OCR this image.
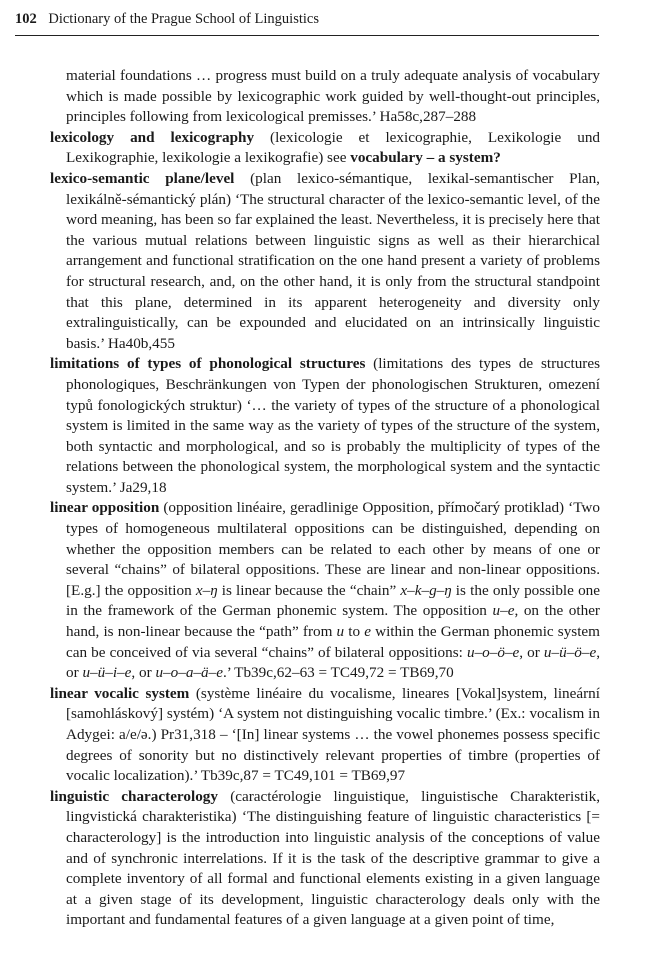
102 Dictionary of the Prague School of Linguistics

material foundations … progress must build on a truly adequate analysis of vocabulary which is made possible by lexicographic work guided by well-thought-out principles, principles following from lexicological premisses.’ Ha58c,287–288

lexicology and lexicography (lexicologie et lexicographie, Lexikologie und Lexikographie, lexikologie a lexikografie) see vocabulary – a system?

lexico-semantic plane/level (plan lexico-sémantique, lexikal-semantischer Plan, lexikálně-sémantický plán) ‘The structural character of the lexico-semantic level, of the word meaning, has been so far explained the least. Nevertheless, it is precisely here that the various mutual relations between linguistic signs as well as their hierarchical arrangement and functional stratification on the one hand present a variety of problems for structural research, and, on the other hand, it is only from the structural standpoint that this plane, determined in its apparent heterogeneity and diversity only extralinguistically, can be expounded and elucidated on an intrinsically linguistic basis.’ Ha40b,455

limitations of types of phonological structures (limitations des types de structures phonologiques, Beschränkungen von Typen der phonologischen Strukturen, omezení typů fonologických struktur) ‘… the variety of types of the structure of a phonological system is limited in the same way as the variety of types of the structure of the system, both syntactic and morphological, and so is probably the multiplicity of types of the relations between the phonological system, the morphological system and the syntactic system.’ Ja29,18

linear opposition (opposition linéaire, geradlinige Opposition, přímočarý protiklad) ‘Two types of homogeneous multilateral oppositions can be distinguished, depending on whether the opposition members can be related to each other by means of one or several “chains” of bilateral oppositions. These are linear and non-linear oppositions. [E.g.] the opposition x–ŋ is linear because the “chain” x–k–g–ŋ is the only possible one in the framework of the German phonemic system. The opposition u–e, on the other hand, is non-linear because the “path” from u to e within the German phonemic system can be conceived of via several “chains” of bilateral oppositions: u–o–ö–e, or u–ü–ö–e, or u–ü–i–e, or u–o–a–ä–e.’ Tb39c,62–63 = TC49,72 = TB69,70

linear vocalic system (système linéaire du vocalisme, lineares [Vokal]system, lineární [samohláskový] systém) ‘A system not distinguishing vocalic timbre.’ (Ex.: vocalism in Adygei: a/e/ə.) Pr31,318 – ‘[In] linear systems … the vowel phonemes possess specific degrees of sonority but no distinctively relevant properties of timbre (properties of vocalic localization).’ Tb39c,87 = TC49,101 = TB69,97

linguistic characterology (caractérologie linguistique, linguistische Charakteristik, lingvistická charakteristika) ‘The distinguishing feature of linguistic characteristics [= characterology] is the introduction into linguistic analysis of the conceptions of value and of synchronic interrelations. If it is the task of the descriptive grammar to give a complete inventory of all formal and functional elements existing in a given language at a given stage of its development, linguistic characterology deals only with the important and fundamental features of a given language at a given point of time,
